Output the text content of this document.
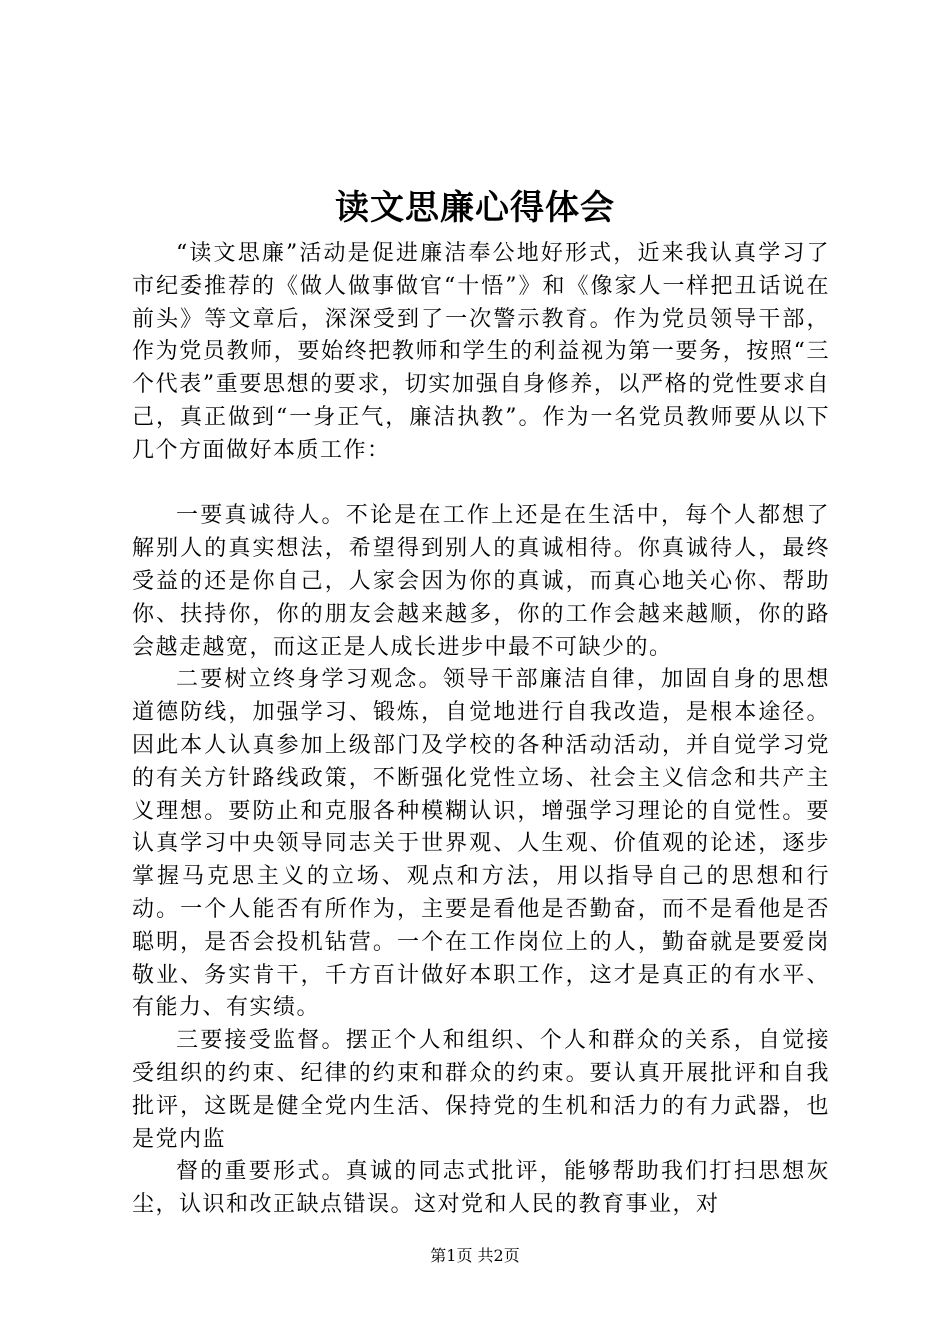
读文思廉心得体会

“读文思廉”活动是促进廉洁奉公地好形式，近来我认真学习了市纪委推荐的《做人做事做官“十悟”》和《像家人一样把丑话说在前头》等文章后，深深受到了一次警示教育。作为党员领导干部，作为党员教师，要始终把教师和学生的利益视为第一要务，按照“三个代表”重要思想的要求，切实加强自身修养，以严格的党性要求自己，真正做到“一身正气，廉洁执教”。作为一名党员教师要从以下几个方面做好本质工作：

一要真诚待人。不论是在工作上还是在生活中，每个人都想了解别人的真实想法，希望得到别人的真诚相待。你真诚待人，最终受益的还是你自己，人家会因为你的真诚，而真心地关心你、帮助你、扶持你，你的朋友会越来越多，你的工作会越来越顺，你的路会越走越宽，而这正是人成长进步中最不可缺少的。

二要树立终身学习观念。领导干部廉洁自律，加固自身的思想道德防线，加强学习、锻炼，自觉地进行自我改造，是根本途径。因此本人认真参加上级部门及学校的各种活动活动，并自觉学习党的有关方针路线政策，不断强化党性立场、社会主义信念和共产主义理想。要防止和克服各种模糊认识，增强学习理论的自觉性。要认真学习中央领导同志关于世界观、人生观、价值观的论述，逐步掌握马克思主义的立场、观点和方法，用以指导自己的思想和行动。一个人能否有所作为，主要是看他是否勤奋，而不是看他是否聪明，是否会投机钻营。一个在工作岗位上的人，勤奋就是要爱岗敬业、务实肯干，千方百计做好本职工作，这才是真正的有水平、有能力、有实绩。

三要接受监督。摆正个人和组织、个人和群众的关系，自觉接受组织的约束、纪律的约束和群众的约束。要认真开展批评和自我批评，这既是健全党内生活、保持党的生机和活力的有力武器，也是党内监

督的重要形式。真诚的同志式批评，能够帮助我们打扫思想灰尘，认识和改正缺点错误。这对党和人民的教育事业，对

第1页 共2页
